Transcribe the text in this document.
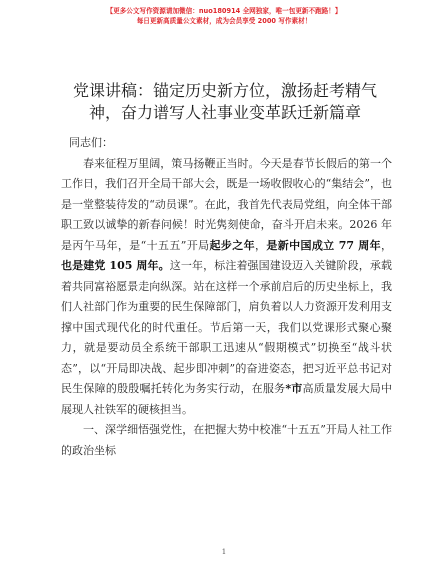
【更多公文写作资源请加微信：nuo180914 全网独家，唯一包更新不跑路！】
每日更新高质量公文素材，成为会员享受 2000 写作素材！
党课讲稿：锚定历史新方位，激扬赶考精气神，奋力谱写人社事业变革跃迁新篇章

同志们：

春来征程万里阔，策马扬鞭正当时。今天是春节长假后的第一个工作日，我们召开全局干部大会，既是一场收假收心的“集结会”，也是一堂整装待发的“动员课”。在此，我首先代表局党组，向全体干部职工致以诚挚的新春问候！时光隽刻使命，奋斗开启未来。2026 年是丙午马年，是“十五五”开局起步之年，是新中国成立 77 周年，也是建党 105 周年。这一年，标注着强国建设迈入关键阶段，承载着共同富裕愿景走向纵深。站在这样一个承前启后的历史坐标上，我们人社部门作为重要的民生保障部门，肩负着以人力资源开发利用支撑中国式现代化的时代重任。节后第一天，我们以党课形式聚心聚力，就是要动员全系统干部职工迅速从“假期模式”切换至“战斗状态”，以“开局即决战、起步即冲刺”的奋进姿态，把习近平总书记对民生保障的殷殷嘱托转化为务实行动，在服务*市高质量发展大局中展现人社铁军的硬核担当。

一、深学细悟强党性，在把握大势中校准“十五五”开局人社工作的政治坐标

1
